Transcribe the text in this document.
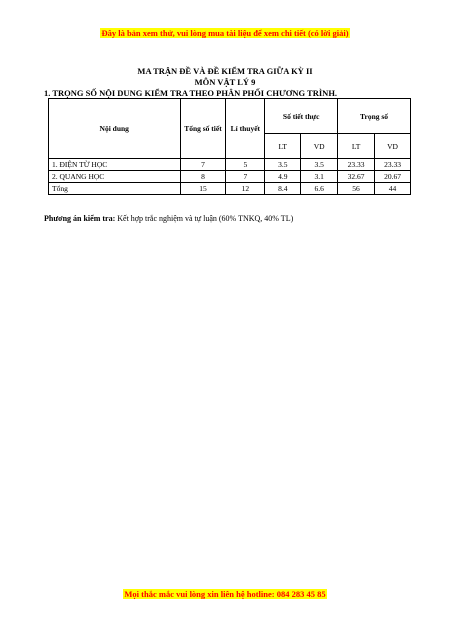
Đây là bản xem thử, vui lòng mua tài liệu để xem chi tiết (có lời giải)
MA TRẬN ĐỀ VÀ ĐỀ KIỂM TRA GIỮA KỲ II
MÔN VẬT LÝ 9
1. TRỌNG SỐ NỘI DUNG KIỂM TRA THEO PHÂN PHỐI CHƯƠNG TRÌNH.
Nội dung	Tổng số tiết	Lí thuyết	Số tiết thực		Trọng số	
			LT	VD	LT	VD
1. ĐIỆN TỪ HỌC	7	5	3.5	3.5	23.33	23.33
2. QUANG HỌC	8	7	4.9	3.1	32.67	20.67
Tổng	15	12	8.4	6.6	56	44
Phương án kiểm tra: Kết hợp trắc nghiệm và tự luận (60% TNKQ, 40% TL)
Mọi thắc mắc vui lòng xin liên hệ hotline: 084 283 45 85
